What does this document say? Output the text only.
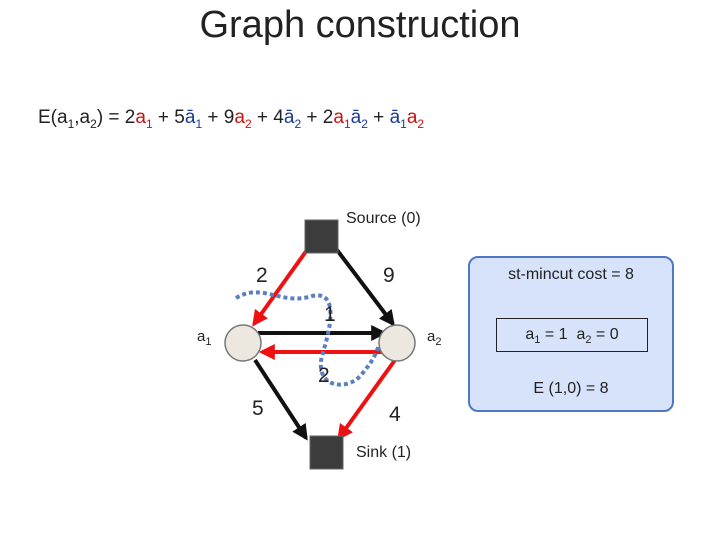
Graph construction
$E(a_1,a_2) = 2a_1$ + $5ā_1 + 9a_2$ + $4ā_2$ + $2a_1ā_2$ + $ā_1a_2$
Source (0)
Sink (1)
$a_1$	$a_2$
2	9
1
2
5	4
st-mincut cost = 8
$a_1 = 1$  $a_2 = 0$
E (1,0) = 8
